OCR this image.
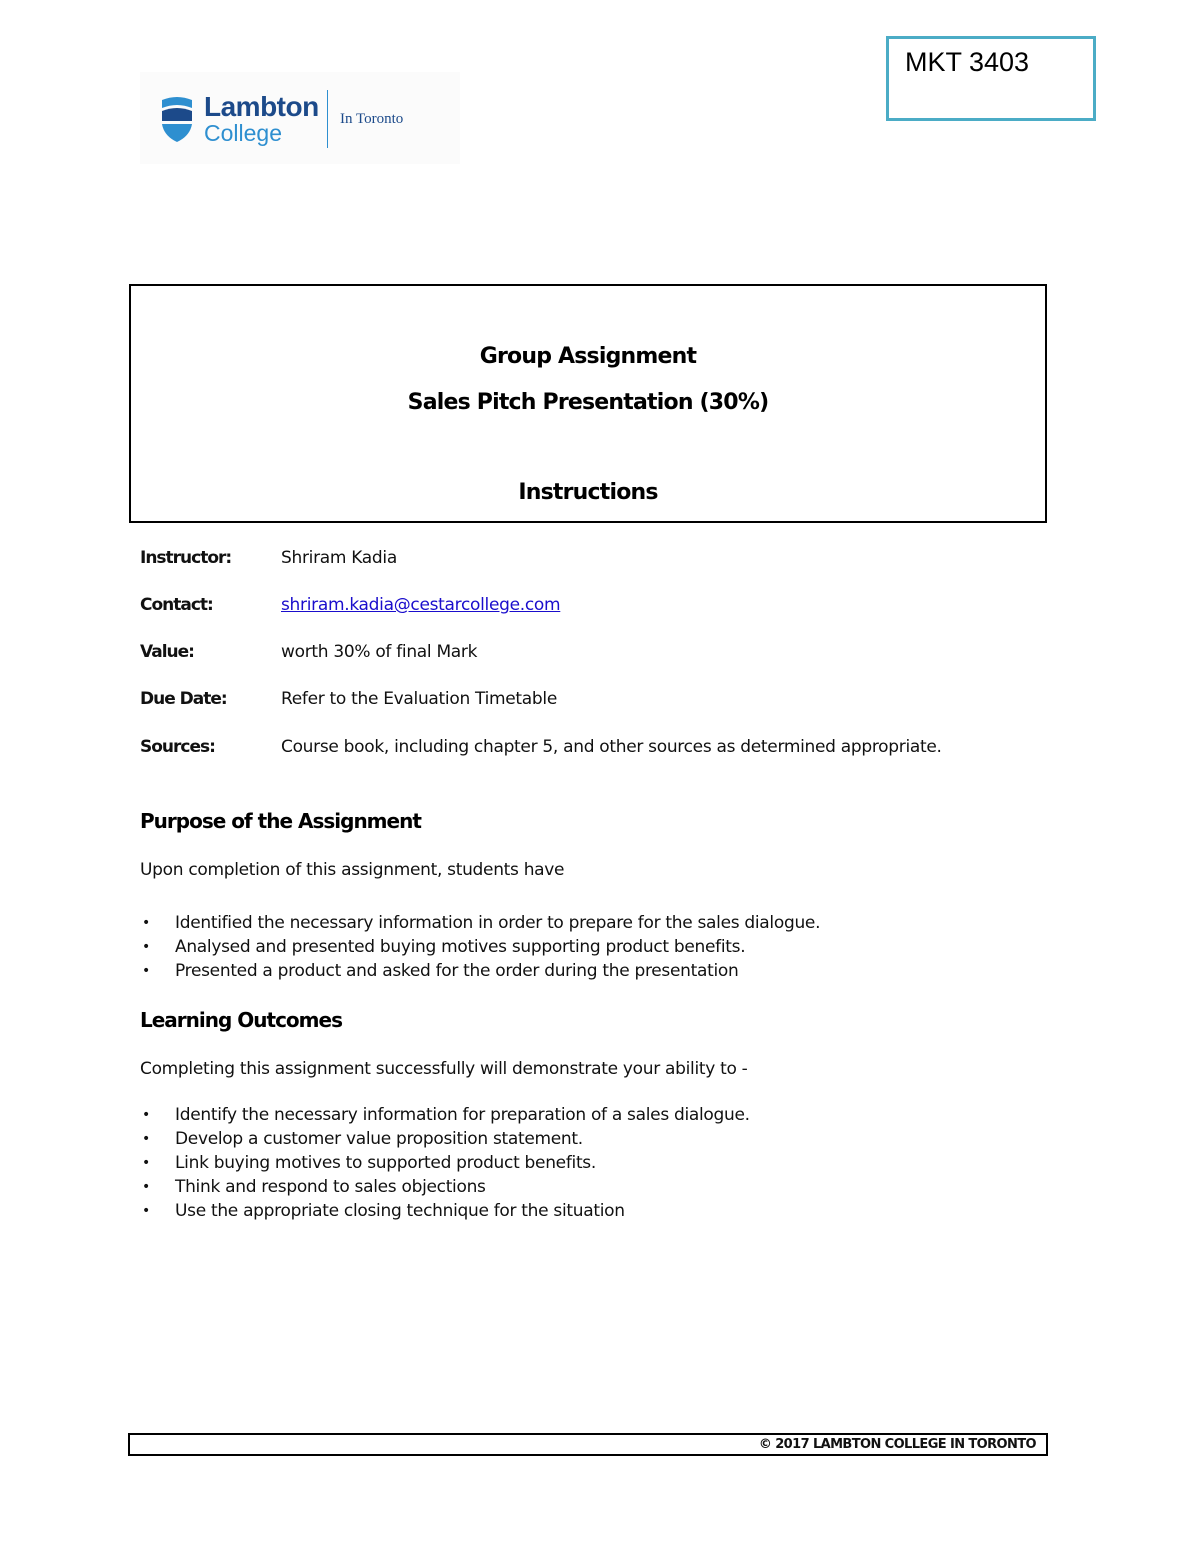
MKT 3403
Lambton
College
In Toronto
Group Assignment
Sales Pitch Presentation (30%)
Instructions
Instructor:	Shriram Kadia
Contact:	shriram.kadia@cestarcollege.com
Value:	worth 30% of final Mark
Due Date:	Refer to the Evaluation Timetable
Sources:	Course book, including chapter 5, and other sources as determined appropriate.
Purpose of the Assignment
Upon completion of this assignment, students have
• Identified the necessary information in order to prepare for the sales dialogue.
• Analysed and presented buying motives supporting product benefits.
• Presented a product and asked for the order during the presentation
Learning Outcomes
Completing this assignment successfully will demonstrate your ability to -
• Identify the necessary information for preparation of a sales dialogue.
• Develop a customer value proposition statement.
• Link buying motives to supported product benefits.
• Think and respond to sales objections
• Use the appropriate closing technique for the situation
© 2017 LAMBTON COLLEGE IN TORONTO
